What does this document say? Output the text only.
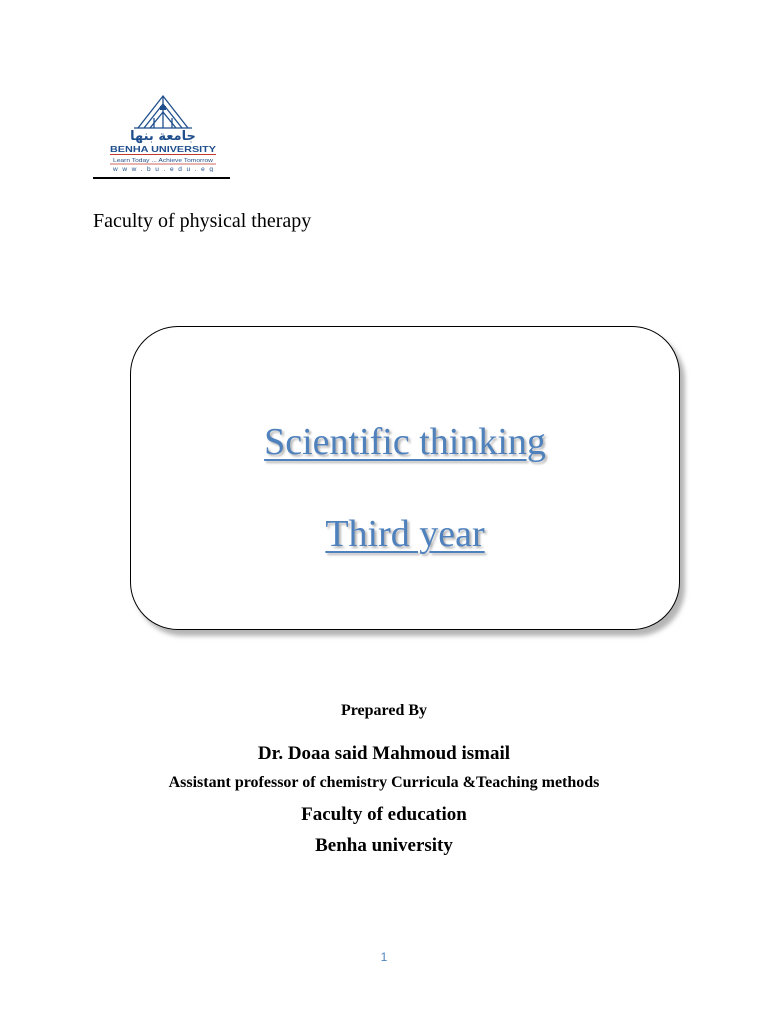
جامعة بنها
BENHA UNIVERSITY
Learn Today ... Achieve Tomorrow
www.bu.edu.eg
Faculty of physical therapy
Scientific thinking
Third year
Prepared By
Dr. Doaa said Mahmoud ismail
Assistant professor of chemistry Curricula &Teaching methods
Faculty of education
Benha university
1
